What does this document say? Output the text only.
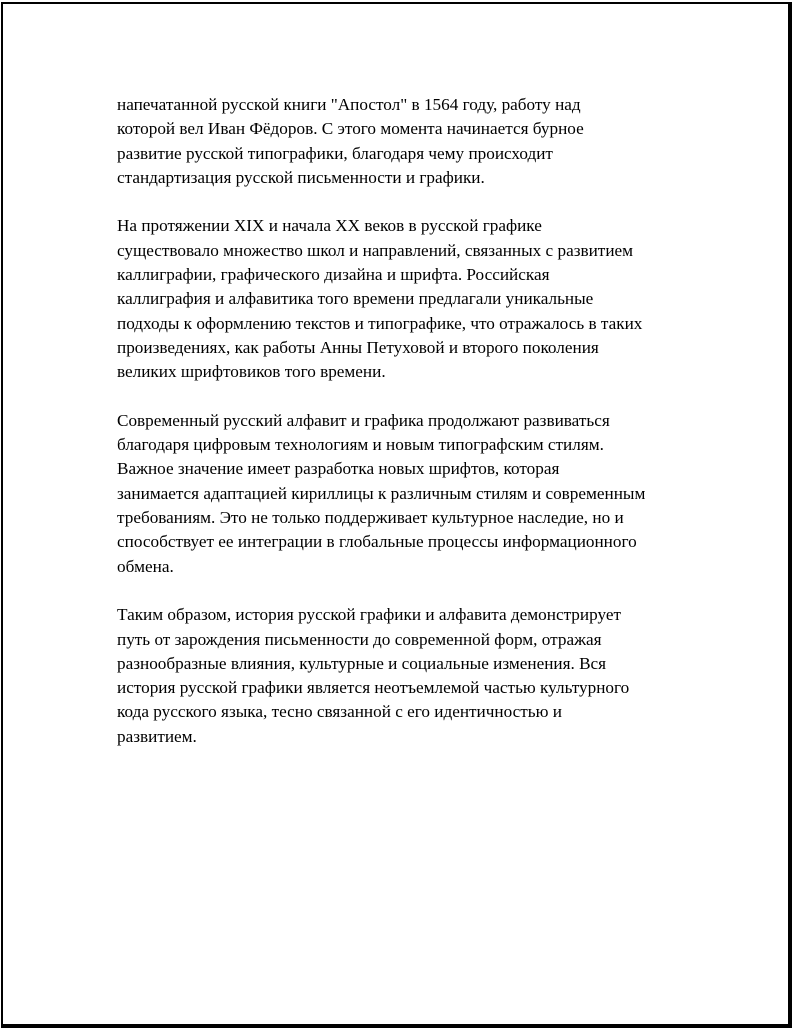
напечатанной русской книги "Апостол" в 1564 году, работу над
которой вел Иван Фёдоров. С этого момента начинается бурное
развитие русской типографики, благодаря чему происходит
стандартизация русской письменности и графики.
На протяжении XIX и начала XX веков в русской графике
существовало множество школ и направлений, связанных с развитием
каллиграфии, графического дизайна и шрифта. Российская
каллиграфия и алфавитика того времени предлагали уникальные
подходы к оформлению текстов и типографике, что отражалось в таких
произведениях, как работы Анны Петуховой и второго поколения
великих шрифтовиков того времени.
Современный русский алфавит и графика продолжают развиваться
благодаря цифровым технологиям и новым типографским стилям.
Важное значение имеет разработка новых шрифтов, которая
занимается адаптацией кириллицы к различным стилям и современным
требованиям. Это не только поддерживает культурное наследие, но и
способствует ее интеграции в глобальные процессы информационного
обмена.
Таким образом, история русской графики и алфавита демонстрирует
путь от зарождения письменности до современной форм, отражая
разнообразные влияния, культурные и социальные изменения. Вся
история русской графики является неотъемлемой частью культурного
кода русского языка, тесно связанной с его идентичностью и
развитием.
